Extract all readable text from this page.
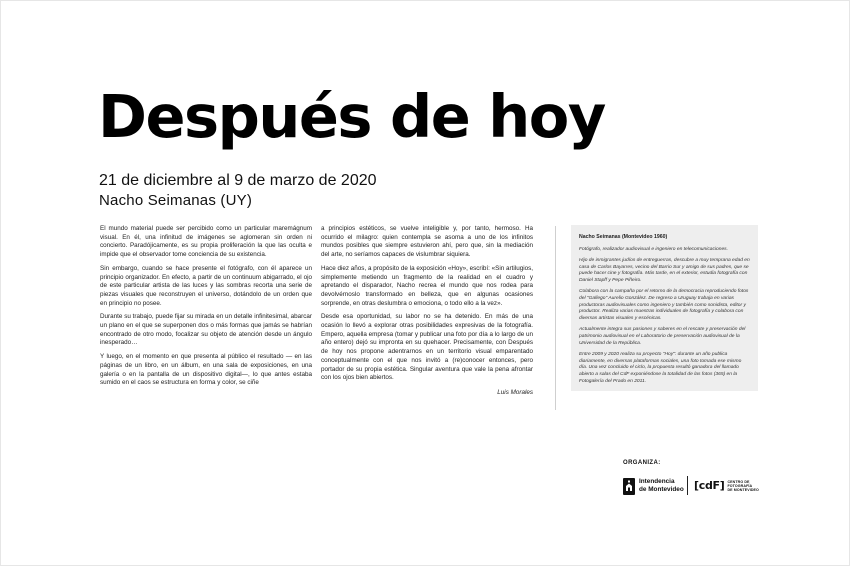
Después de hoy

21 de diciembre al 9 de marzo de 2020

Nacho Seimanas (UY)

El mundo material puede ser percibido como un particular maremágnum visual. En él, una infinitud de imágenes se aglomeran sin orden ni concierto. Paradójicamente, es su propia proliferación la que las oculta e impide que el observador tome conciencia de su existencia.

Sin embargo, cuando se hace presente el fotógrafo, con él aparece un principio organizador. En efecto, a partir de un continuum abigarrado, el ojo de este particular artista de las luces y las sombras recorta una serie de piezas visuales que reconstruyen el universo, dotándolo de un orden que en principio no posee.

Durante su trabajo, puede fijar su mirada en un detalle infinitesimal, abarcar un plano en el que se superponen dos o más formas que jamás se habrían encontrado de otro modo, focalizar su objeto de atención desde un ángulo inesperado…

Y luego, en el momento en que presenta al público el resultado — en las páginas de un libro, en un álbum, en una sala de exposiciones, en una galería o en la pantalla de un dispositivo digital—, lo que antes estaba sumido en el caos se estructura en forma y color, se ciñe

a principios estéticos, se vuelve inteligible y, por tanto, hermoso. Ha ocurrido el milagro: quien contempla se asoma a uno de los infinitos mundos posibles que siempre estuvieron ahí, pero que, sin la mediación del arte, no seríamos capaces de vislumbrar siquiera.

Hace diez años, a propósito de la exposición «Hoy», escribí: «Sin artilugios, simplemente metiendo un fragmento de la realidad en el cuadro y apretando el disparador, Nacho recrea el mundo que nos rodea para devolvérnoslo transformado en belleza, que en algunas ocasiones sorprende, en otras deslumbra o emociona, o todo ello a la vez».

Desde esa oportunidad, su labor no se ha detenido. En más de una ocasión lo llevó a explorar otras posibilidades expresivas de la fotografía. Empero, aquella empresa (tomar y publicar una foto por día a lo largo de un año entero) dejó su impronta en su quehacer. Precisamente, con Después de hoy nos propone adentrarnos en un territorio visual emparentado conceptualmente con el que nos invitó a (re)conocer entonces, pero portador de su propia estética. Singular aventura que vale la pena afrontar con los ojos bien abiertos.

Luis Morales

Nacho Seimanas (Montevideo 1960)

Fotógrafo, realizador audiovisual e ingeniero en telecomunicaciones.

Hijo de inmigrantes judíos de entreguerras, descubre a muy temprana edad en casa de Carlos Bayarres, vecino del Barrio Sur y amigo de sus padres, que se puede hacer cine y fotografía. Más tarde, en el exterior, estudia fotografía con Daniel Stapff y Pepe Piñeiro.

Colabora con la campaña por el retorno de la democracia reproduciendo fotos del "Gallego" Aurelio González. De regreso a Uruguay trabaja en varias productoras audiovisuales como ingeniero y también como sonidista, editor y productor. Realiza varias muestras individuales de fotografía y colabora con diversas artistas visuales y escénicas.

Actualmente integra sus pasiones y saberes en el rescate y preservación del patrimonio audiovisual en el Laboratorio de preservación audiovisual de la Universidad de la República.

Entre 2009 y 2020 realiza su proyecto "Hoy": durante un año publica diariamente, en diversas plataformas sociales, una foto tomada ese mismo día. Una vez concluido el ciclo, la propuesta resultó ganadora del llamado abierto a salas del CdF exponiéndose la totalidad de las fotos (365) en la Fotogalería del Prado en 2011.

ORGANIZA:
Intendencia
de Montevideo [cdF] CENTRO DE
FOTOGRAFÍA
DE MONTEVIDEO
